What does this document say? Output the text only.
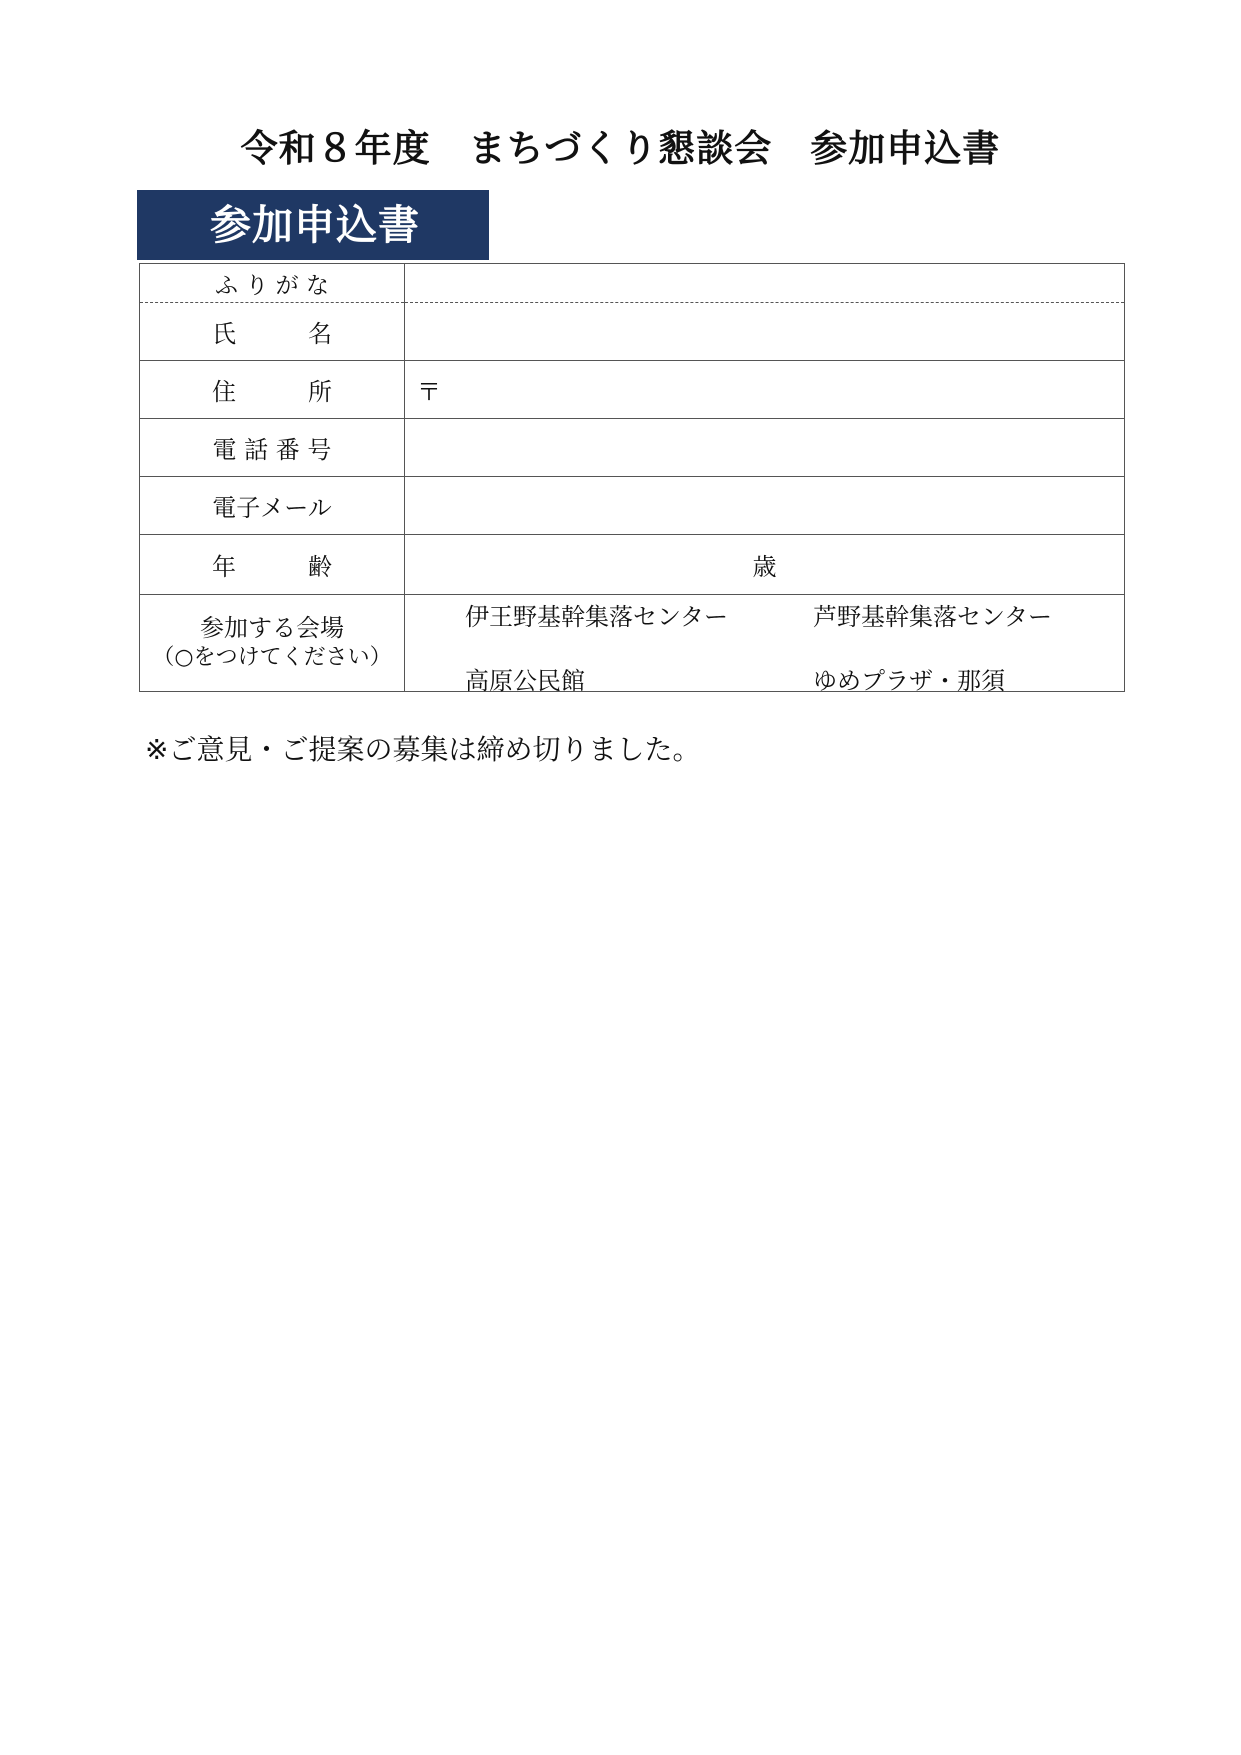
令和８年度　まちづくり懇談会　参加申込書
参加申込書
ふ り が な	
氏　　　名	
住　　　所	〒
電 話 番 号	
電子メール	
年　　　齢	歳

参加する会場
（○をつけてください）	伊王野基幹集落センター 芦野基幹集落センター
高原公民館 ゆめプラザ・那須
※ご意見・ご提案の募集は締め切りました。
